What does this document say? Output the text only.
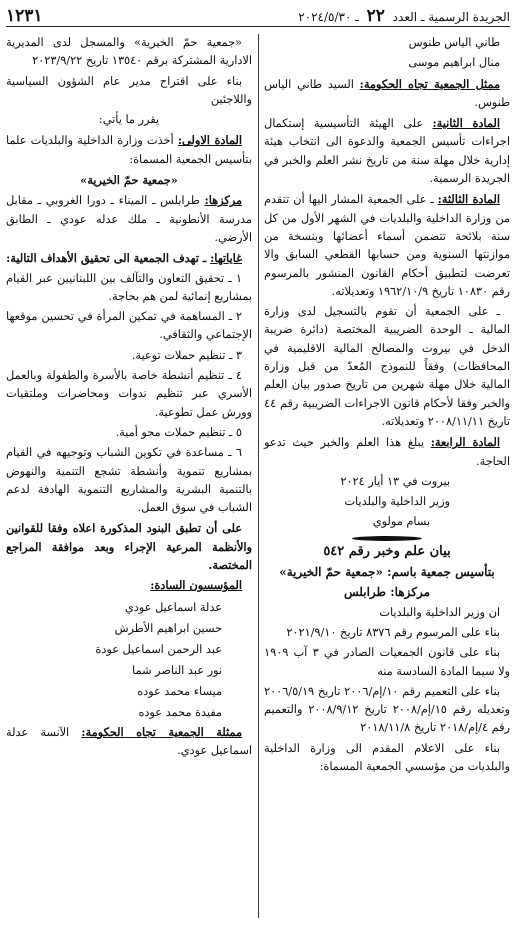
الجريدة الرسمية ـ العدد ٢٢ ـ ٢٠٢٤/٥/٣٠
١٢٣١

طاني الياس طنوس

منال ابراهيم موسى

ممثل الجمعية تجاه الحكومة: السيد طاني الياس طنوس.

المادة الثانية: على الهيئة التأسيسية إستكمال اجراءات تأسيس الجمعية والدعوة الى انتخاب هيئة إدارية خلال مهلة سنة من تاريخ نشر العلم والخبر في الجريدة الرسمية.

المادة الثالثة: ـ على الجمعية المشار اليها أن تتقدم من وزارة الداخلية والبلديات في الشهر الأول من كل سنة بلائحة تتضمن أسماء أعضائها وبنسخة من موازنتها السنوية ومن حسابها القطعي السابق والا تعرضت لتطبيق أحكام القانون المنشور بالمرسوم رقم ١٠٨٣٠ تاريخ ١٩٦٢/١٠/٩ وتعديلاته.

ـ على الجمعية أن تقوم بالتسجيل لدى وزارة المالية ـ الوحدة الضريبية المختصة (دائرة ضريبة الدخل في بيروت والمصالح المالية الاقليمية في المحافظات) وفقاً للنموذج المُعدّ من قبل وزارة المالية خلال مهلة شهرين من تاريخ صدور بيان العلم والخبر وفقا لأحكام قانون الاجراءات الضريبية رقم ٤٤ تاريخ ٢٠٠٨/١١/١١ وتعديلاته.

المادة الرابعة: يبلغ هذا العلم والخبر حيث تدعو الحاجة.

بيروت في ١٣ أيار ٢٠٢٤

وزير الداخلية والبلديات

بسام مولوي

بيان علم وخبر رقم ٥٤٢

بتأسيس جمعية باسم: «جمعية حمّ الخيرية»

مركزها: طرابلس

ان وزير الداخلية والبلديات

بناء على المرسوم رقم ٨٣٧٦ تاريخ ٢٠٢١/٩/١٠

بناء على قانون الجمعيات الصادر في ٣ آب ١٩٠٩ ولا سيما المادة السادسة منه

بناء على التعميم رقم ١٠/إم/٢٠٠٦ تاريخ ٢٠٠٦/٥/١٩ وتعديله رقم ١٥/إم/٢٠٠٨ تاريخ ٢٠٠٨/٩/١٢ والتعميم رقم ٤/إم/٢٠١٨ تاريخ ٢٠١٨/١١/٨

بناء على الاعلام المقدم الى وزارة الداخلية والبلديات من مؤسسي الجمعية المسماة:

«جمعية حمّ الخيرية» والمسجل لدى المديرية الادارية المشتركة برقم ١٣٥٤٠ تاريخ ٢٠٢٣/٩/٢٢

بناء على اقتراح مدير عام الشؤون السياسية واللاجئين

يقرر ما يأتي:

المادة الاولى: أخذت وزارة الداخلية والبلديات علما بتأسيس الجمعية المسماة:

«جمعية حمّ الخيرية»

مركزها: طرابلس ـ الميناء ـ دورا الغروبي ـ مقابل مدرسة الأنطونية ـ ملك عدله عودي ـ الطابق الأرضي.

غاياتها: ـ تهدف الجمعية الى تحقيق الأهداف التالية:

١ ـ تحقيق التعاون والتآلف بين اللبنانيين عبر القيام بمشاريع إنمائية لمن هم بحاجة.

٢ ـ المساهمة في تمكين المرأة في تحسين موقعها الإجتماعي والثقافي.

٣ ـ تنظيم حملات توعية.

٤ ـ تنظيم أنشطة خاصة بالأسرة والطفولة وبالعمل الأسري عبر تنظيم ندوات ومحاضرات وملتقيات وورش عمل تطوعية.

٥ ـ تنظيم حملات محو أمية.

٦ ـ مساعدة في تكوين الشباب وتوجيهه في القيام بمشاريع تنموية وأنشطة تشجع التنمية والنهوض بالتنمية البشرية والمشاريع التنموية الهادفة لدعم الشباب في سوق العمل.

على أن تطبق البنود المذكورة اعلاه وفقا للقوانين والأنظمة المرعية الإجراء وبعد موافقة المراجع المختصة.

المؤسسون السادة:

عدلة اسماعيل عودي

حسين ابراهيم الأطرش

عبد الرحمن اسماعيل عودة

نور عبد الناصر شما

ميساء محمد عوده

مفيدة محمد عوده

ممثلة الجمعية تجاه الحكومة: الآنسة عدلة اسماعيل عودي.
